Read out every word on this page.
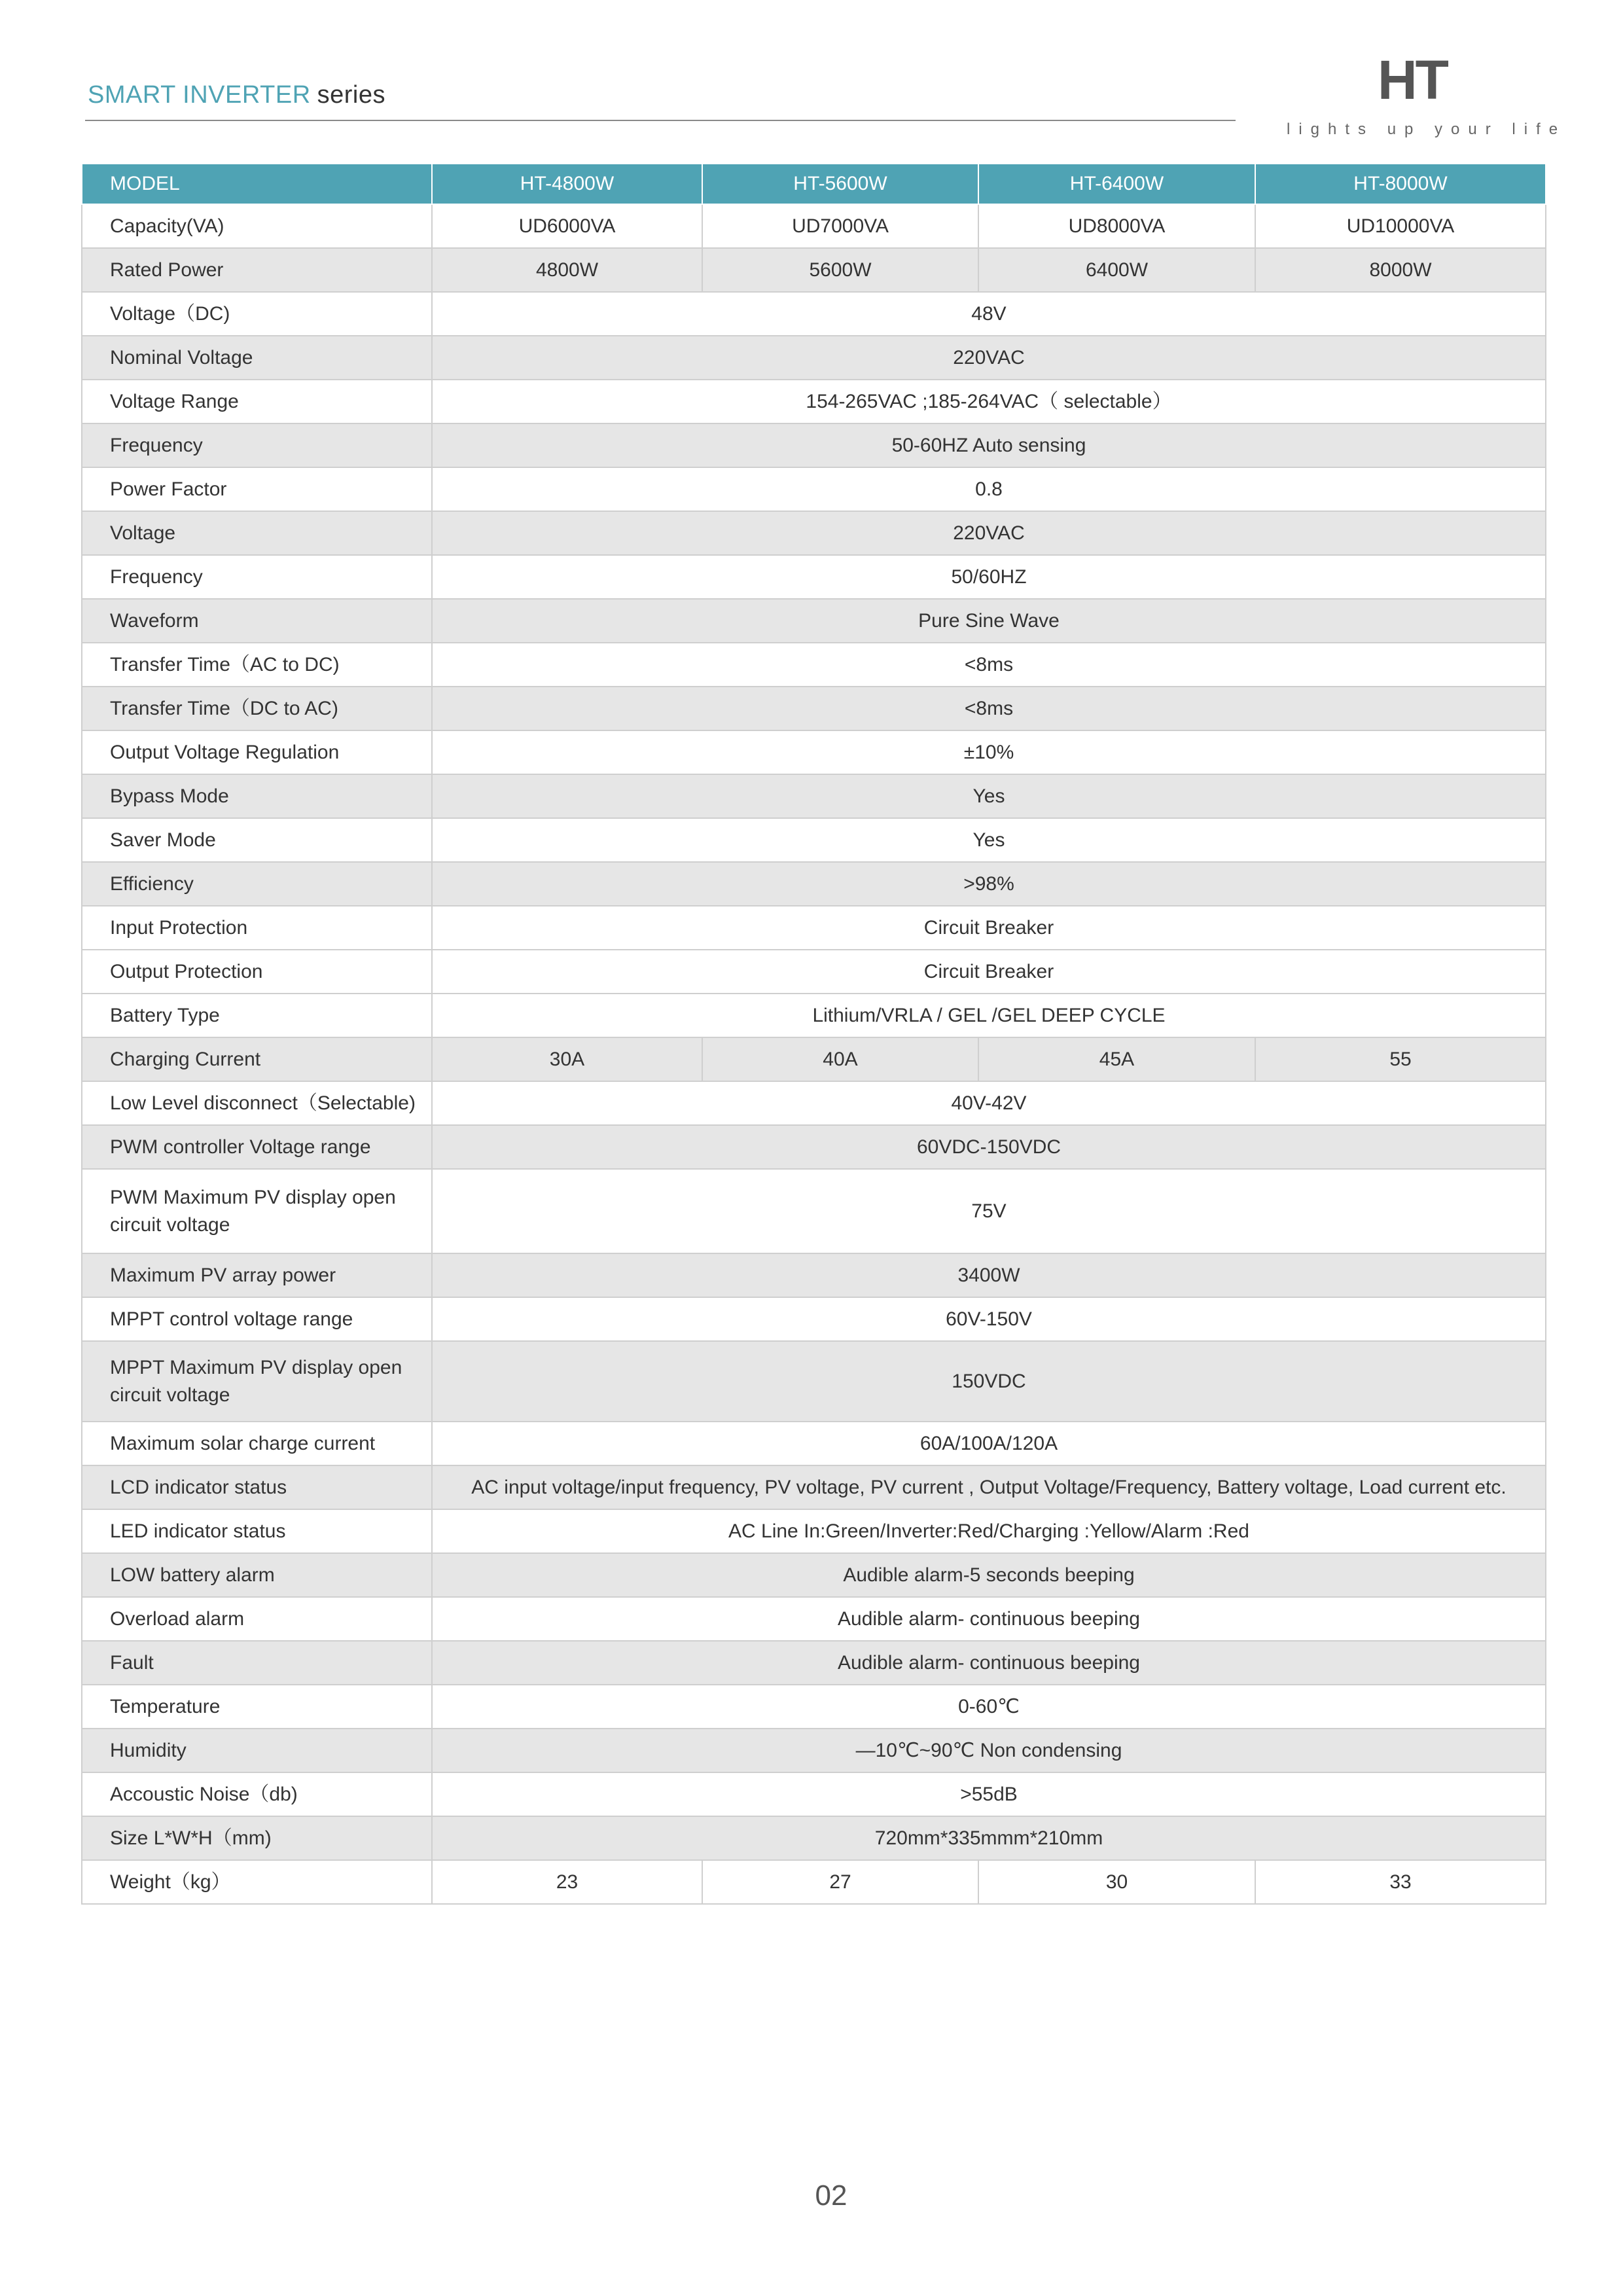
SMART INVERTER series	HT
lights up your life
MODEL	HT-4800W	HT-5600W	HT-6400W	HT-8000W
Capacity(VA)	UD6000VA	UD7000VA	UD8000VA	UD10000VA
Rated Power	4800W	5600W	6400W	8000W
Voltage（DC)	48V			
Nominal Voltage	220VAC			
Voltage Range	154-265VAC ;185-264VAC（ selectable）			
Frequency	50-60HZ Auto sensing			
Power Factor	0.8			
Voltage	220VAC			
Frequency	50/60HZ			
Waveform	Pure Sine Wave			
Transfer Time（AC to DC)	<8ms			
Transfer Time（DC to AC)	<8ms			
Output Voltage Regulation	±10%			
Bypass Mode	Yes			
Saver Mode	Yes			
Efficiency	>98%			
Input Protection	Circuit Breaker			
Output Protection	Circuit Breaker			
Battery Type	Lithium/VRLA / GEL /GEL DEEP CYCLE			
Charging Current	30A	40A	45A	55
Low Level disconnect（Selectable)	40V-42V			
PWM controller Voltage range	60VDC-150VDC			
PWM Maximum PV display open circuit voltage	75V			
Maximum PV array power	3400W			
MPPT control voltage range	60V-150V			
MPPT Maximum PV display open circuit voltage	150VDC			
Maximum solar charge current	60A/100A/120A			
LCD indicator status	AC input voltage/input frequency, PV voltage, PV current , Output Voltage/Frequency, Battery voltage, Load current etc.			
LED indicator status	AC Line In:Green/Inverter:Red/Charging :Yellow/Alarm :Red			
LOW battery alarm	Audible alarm-5 seconds beeping			
Overload alarm	Audible alarm- continuous beeping			
Fault	Audible alarm- continuous beeping			
Temperature	0-60℃			
Humidity	—10℃~90℃ Non condensing			
Accoustic Noise（db)	>55dB			
Size L*W*H（mm)	720mm*335mmm*210mm			
Weight（kg）	23	27	30	33
02
